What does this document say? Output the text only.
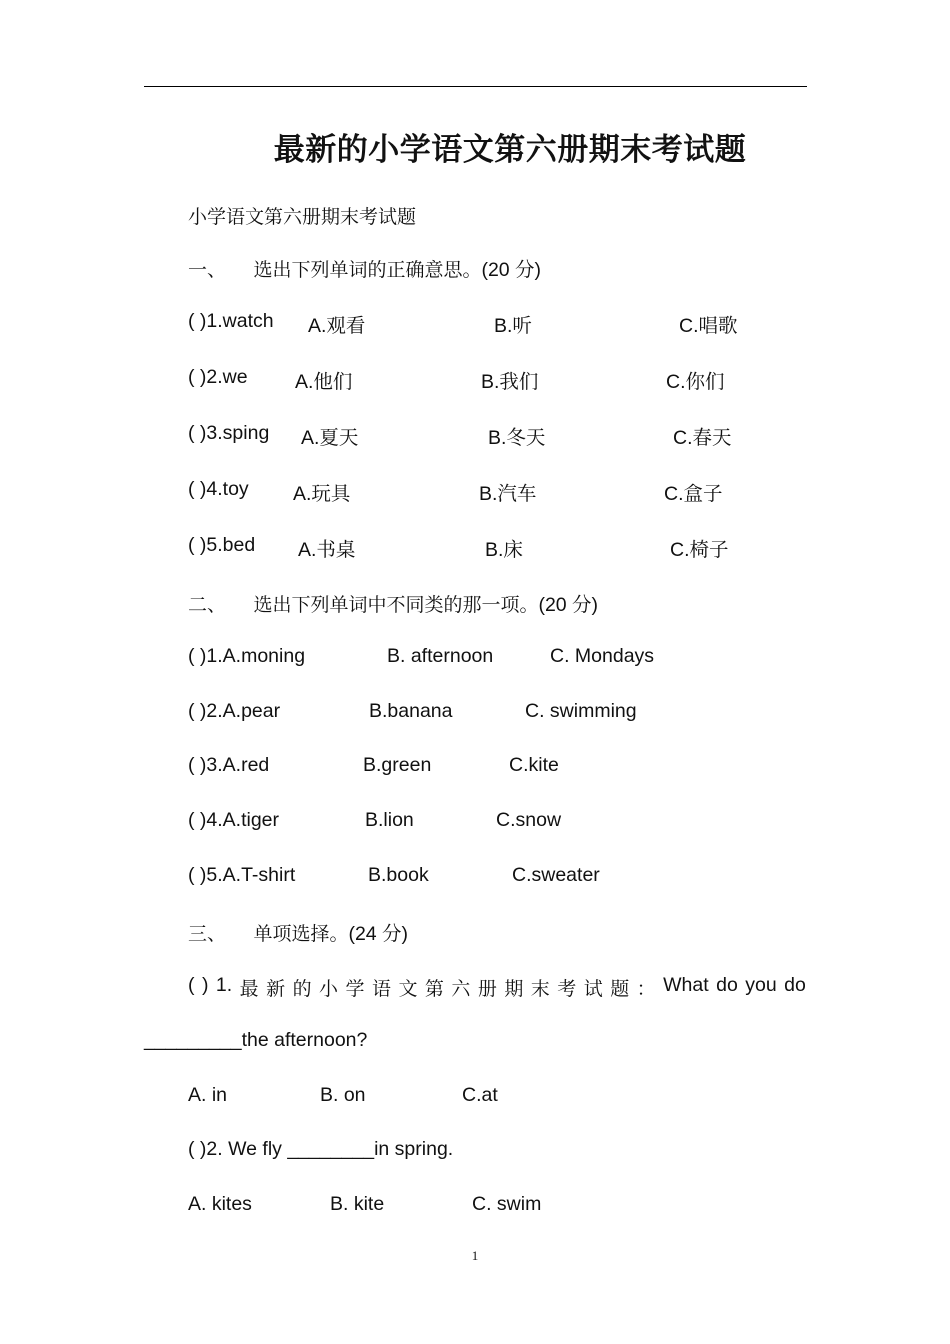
最新的小学语文第六册期末考试题
小学语文第六册期末考试题
一、 选出下列单词的正确意思。(20 分)
( )1.watch A.观看	B.听	C.唱歌
( )2.we A.他们	B.我们	C.你们
( )3.sping A.夏天	B.冬天	C.春天
( )4.toy A.玩具	B.汽车	C.盒子
( )5.bed A.书桌	B.床	C.椅子
二、 选出下列单词中不同类的那一项。(20 分)
( )1.A.moning	B. afternoon	C. Mondays
( )2.A.pear	B.banana	C. swimming
( )3.A.red	B.green	C.kite
( )4.A.tiger	B.lion	C.snow
( )5.A.T-shirt	B.book	C.sweater
三、 单项选择。(24 分)
( ) 1. 最 新 的 小 学 语 文 第 六 册 期 末 考 试 题 ： What do you do
_________the afternoon?
A. in	B. on	C.at
( )2. We fly ________in spring.
A. kites	B. kite	C. swim
1
